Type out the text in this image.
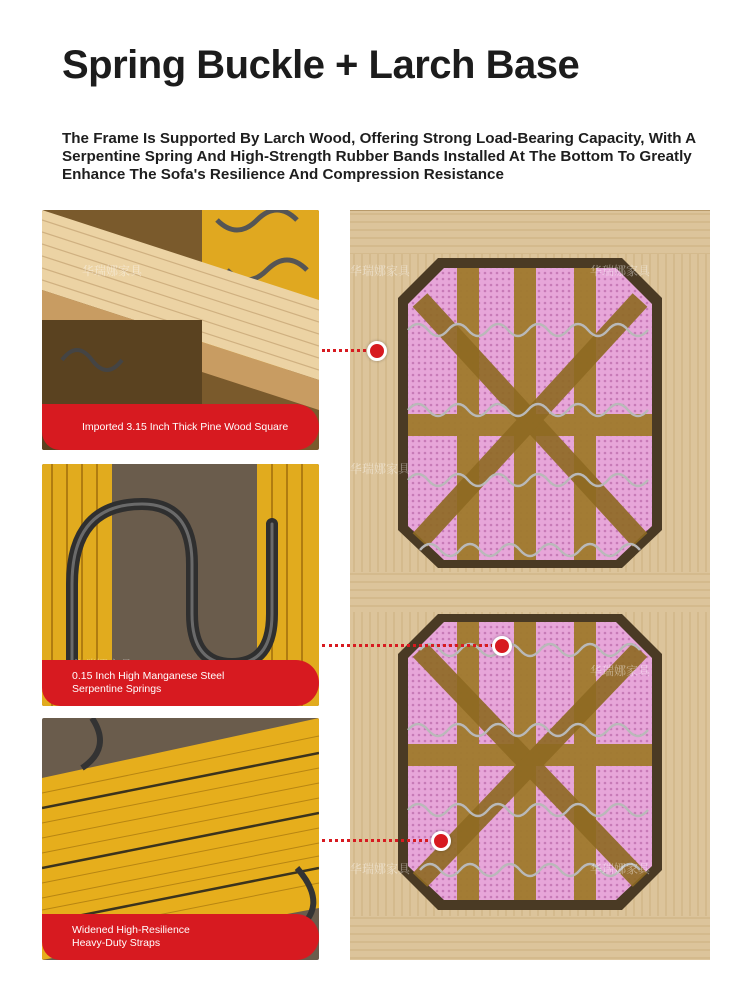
Spring Buckle + Larch Base

The Frame Is Supported By Larch Wood, Offering Strong Load-Bearing Capacity, With A Serpentine Spring And High-Strength Rubber Bands Installed At The Bottom To Greatly Enhance The Sofa's Resilience And Compression Resistance

华瑞娜家具
Imported 3.15 Inch Thick Pine Wood Square
0.15 Inch High Manganese Steel
Serpentine Springs
Widened High-Resilience
Heavy-Duty Straps
华瑞娜家具	华瑞娜家具
华瑞娜家具
华瑞娜家具
华瑞娜家具	华瑞娜家具
